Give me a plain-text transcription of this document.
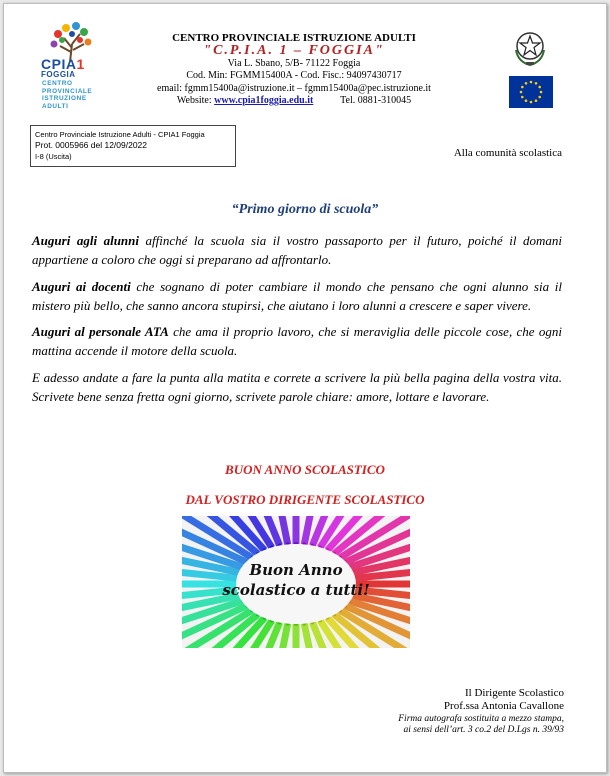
CPIA1
FOGGIA
CENTRO
PROVINCIALE
ISTRUZIONE
ADULTI
CENTRO PROVINCIALE ISTRUZIONE ADULTI
"C.P.I.A. 1 – FOGGIA"
Via L. Sbano, 5/B- 71122 Foggia
Cod. Min: FGMM15400A - Cod. Fisc.: 94097430717
email: fgmm15400a@istruzione.it – fgmm15400a@pec.istruzione.it
Website: www.cpia1foggia.edu.it	Tel. 0881-310045
Centro Provinciale Istruzione Adulti - CPIA1 Foggia
Prot. 0005966 del 12/09/2022
I-8 (Uscita)	Alla comunità scolastica
“Primo giorno di scuola”

Auguri agli alunni affinché la scuola sia il vostro passaporto per il futuro, poiché il domani appartiene a coloro che oggi si preparano ad affrontarlo.

Auguri ai docenti che sognano di poter cambiare il mondo che pensano che ogni alunno sia il mistero più bello, che sanno ancora stupirsi, che aiutano i loro alunni a crescere e saper vivere.

Auguri al personale ATA che ama il proprio lavoro, che si meraviglia delle piccole cose, che ogni mattina accende il motore della scuola.

E adesso andate a fare la punta alla matita e correte a scrivere la più bella pagina della vostra vita. Scrivete bene senza fretta ogni giorno, scrivete parole chiare: amore, lottare e lavorare.

BUON ANNO SCOLASTICO
DAL VOSTRO DIRIGENTE SCOLASTICO
Buon Anno
scolastico a tutti!
Il Dirigente Scolastico
Prof.ssa Antonia Cavallone
Firma autografa sostituita a mezzo stampa,
ai sensi dell’art. 3 co.2 del D.Lgs n. 39/93
